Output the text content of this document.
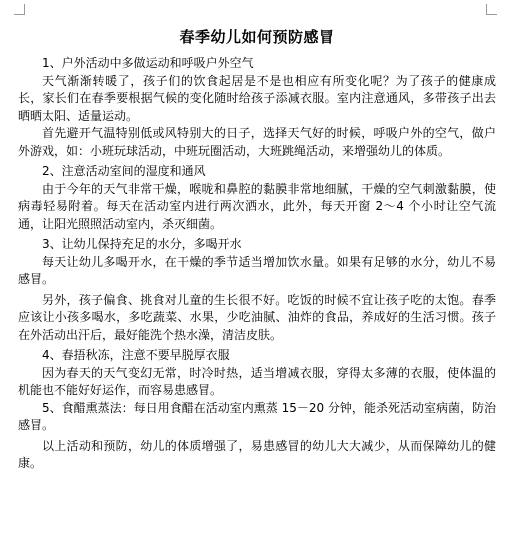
春季幼儿如何预防感冒

1、户外活动中多做运动和呼吸户外空气

天气渐渐转暖了，孩子们的饮食起居是不是也相应有所变化呢？为了孩子的健康成长，家长们在春季要根据气候的变化随时给孩子添减衣服。室内注意通风，多带孩子出去晒晒太阳、适量运动。

首先避开气温特别低或风特别大的日子，选择天气好的时候，呼吸户外的空气，做户外游戏，如：小班玩球活动，中班玩圈活动，大班跳绳活动，来增强幼儿的体质。

2、注意活动室间的湿度和通风

由于今年的天气非常干燥，喉咙和鼻腔的黏膜非常地细腻，干燥的空气刺激黏膜，使病毒轻易附着。每天在活动室内进行两次洒水，此外，每天开窗 2～4 个小时让空气流通，让阳光照照活动室内，杀灭细菌。

3、让幼儿保持充足的水分，多喝开水

每天让幼儿多喝开水，在干燥的季节适当增加饮水量。如果有足够的水分，幼儿不易感冒。

另外，孩子偏食、挑食对儿童的生长很不好。吃饭的时候不宜让孩子吃的太饱。春季应该让小孩多喝水，多吃蔬菜、水果，少吃油腻、油炸的食品，养成好的生活习惯。孩子在外活动出汗后，最好能洗个热水澡，清洁皮肤。

4、春捂秋冻，注意不要早脱厚衣服

因为春天的天气变幻无常，时冷时热，适当增减衣服，穿得太多薄的衣服，使体温的机能也不能好好运作，而容易患感冒。

5、食醋熏蒸法：每日用食醋在活动室内熏蒸 15－20 分钟，能杀死活动室病菌，防治感冒。

以上活动和预防，幼儿的体质增强了，易患感冒的幼儿大大减少，从而保障幼儿的健康。
